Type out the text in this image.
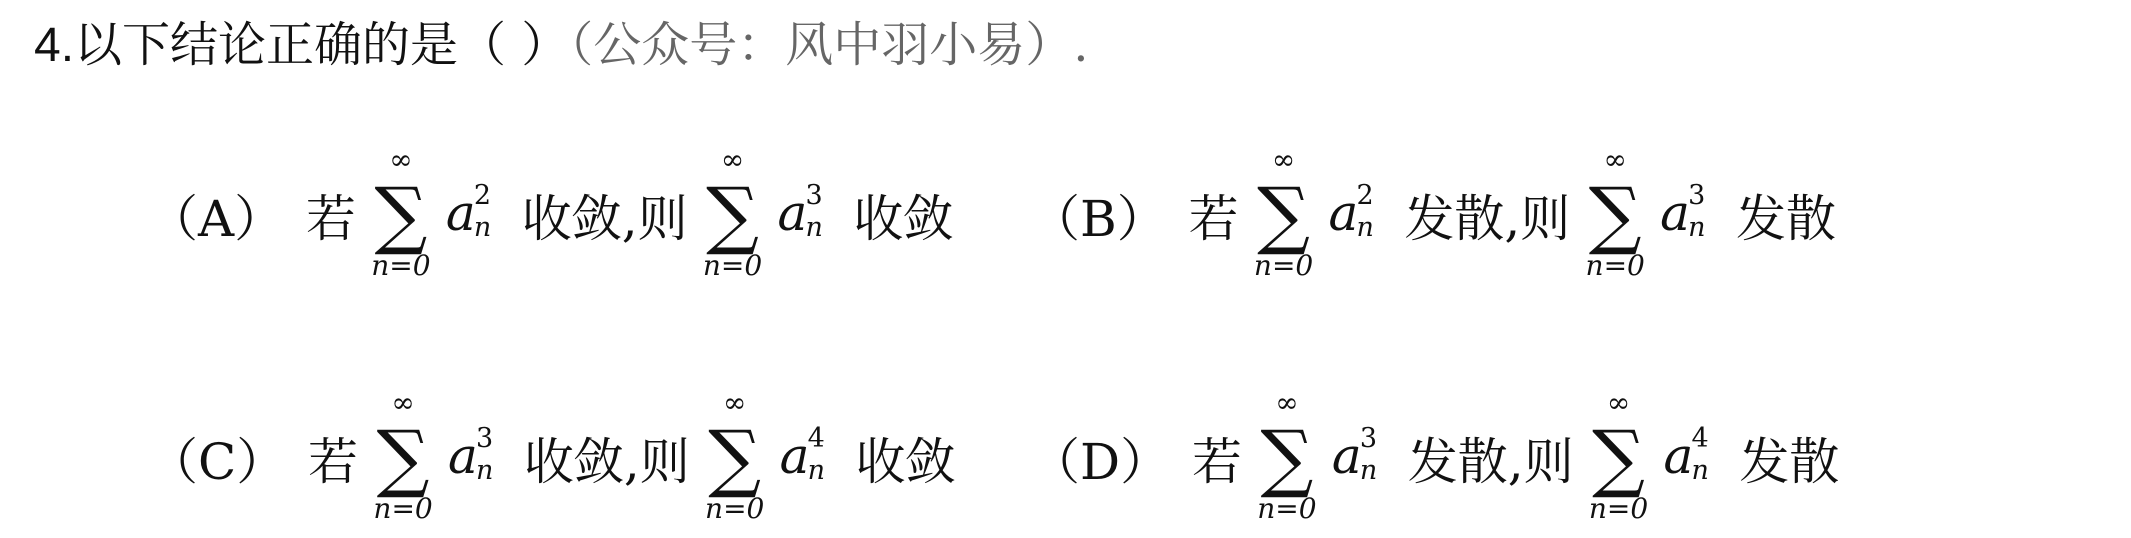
4.以下结论正确的是（ ）（公众号：风中羽小易）.
（A） 若
∞
∑
n=0

a
2
n 收敛,则
∞
∑
n=0

a
3
n 收敛 （B） 若
∞
∑
n=0

a
2
n 发散,则
∞
∑
n=0

a
3
n 发散
（C） 若
∞
∑
n=0

a
3
n 收敛,则
∞
∑
n=0

a
4
n 收敛 （D） 若
∞
∑
n=0

a
3
n 发散,则
∞
∑
n=0

a
4
n 发散
